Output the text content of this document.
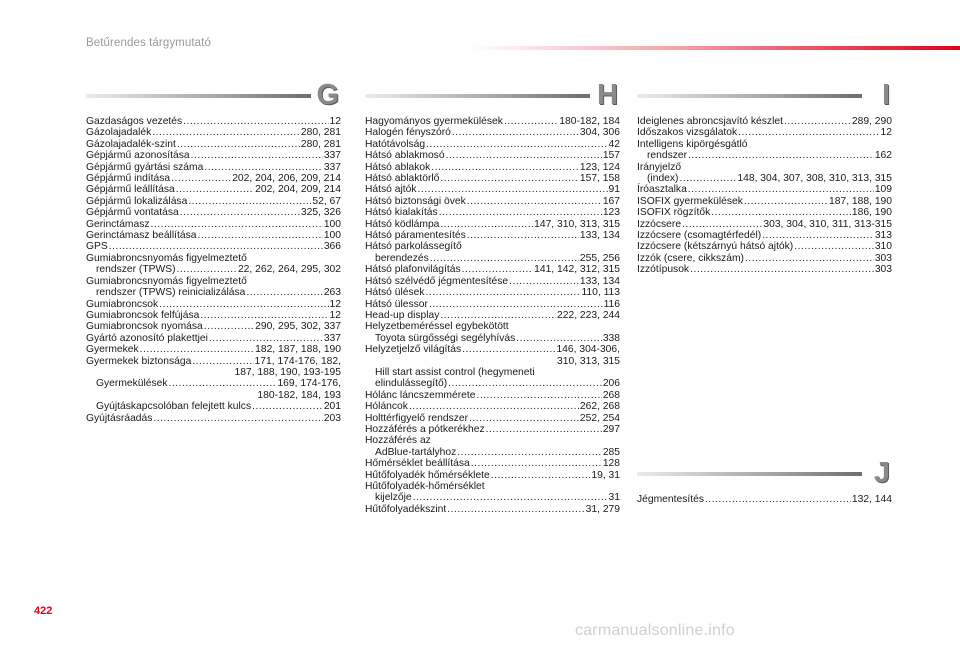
Betűrendes tárgymutató
G
Gazdaságos vezetés .....	12
Gázolajadalék .....	280, 281
Gázolajadalék-szint .....	280, 281
Gépjármű azonosítása .....	337
Gépjármű gyártási száma .....	337
Gépjármű indítása .....	202, 204, 206, 209, 214
Gépjármű leállítása .....	202, 204, 209, 214
Gépjármű lokalizálása .....	52, 67
Gépjármű vontatása .....	325, 326
Gerinctámasz .....	100
Gerinctámasz beállítása .....	100
GPS .....	366
Gumiabroncsnyomás figyelmeztető
rendszer (TPWS) .....	22, 262, 264, 295, 302
Gumiabroncsnyomás figyelmeztető
rendszer (TPWS) reinicializálása .....	263
Gumiabroncsok .....	12
Gumiabroncsok felfújása .....	12
Gumiabroncsok nyomása .....	290, 295, 302, 337
Gyártó azonosító plakettjei .....	337
Gyermekek .....	182, 187, 188, 190
Gyermekek biztonsága .....	171, 174-176, 182,
187, 188, 190, 193-195
Gyermekülések .....	169, 174-176,
180-182, 184, 193
Gyújtáskapcsolóban felejtett kulcs .....	201
Gyújtásráadás .....	203
H
Hagyományos gyermekülések .....	180-182, 184
Halogén fényszóró .....	304, 306
Hatótávolság .....	42
Hátsó ablakmosó .....	157
Hátsó ablakok .....	123, 124
Hátsó ablaktörlő .....	157, 158
Hátsó ajtók .....	91
Hátsó biztonsági övek .....	167
Hátsó kialakítás .....	123
Hátsó ködlámpa .....	147, 310, 313, 315
Hátsó páramentesítés .....	133, 134
Hátsó parkolássegítő
berendezés .....	255, 256
Hátsó plafonvilágítás .....	141, 142, 312, 315
Hátsó szélvédő jégmentesítése .....	133, 134
Hátsó ülések .....	110, 113
Hátsó ülessor .....	116
Head-up display .....	222, 223, 244
Helyzetbeméréssel egybekötött
Toyota sürgősségi segélyhívás .....	338
Helyzetjelző világítás .....	146, 304-306,
310, 313, 315
Hill start assist control (hegymeneti
elindulássegítő) .....	206
Hólánc láncszemmérete .....	268
Hóláncok .....	262, 268
Holttérfigyelő rendszer .....	252, 254
Hozzáférés a pótkerékhez .....	297
Hozzáférés az
AdBlue-tartályhoz .....	285
Hőmérséklet beállítása .....	128
Hűtőfolyadék hőmérséklete .....	19, 31
Hűtőfolyadék-hőmérséklet
kijelzője .....	31
Hűtőfolyadékszint .....	31, 279
I
Ideiglenes abroncsjavító készlet .....	289, 290
Időszakos vizsgálatok .....	12
Intelligens kipörgésgátló
rendszer .....	162
Irányjelző
(index) .....	148, 304, 307, 308, 310, 313, 315
Íróasztalka .....	109
ISOFIX gyermekülések .....	187, 188, 190
ISOFIX rögzítők .....	186, 190
Izzócsere .....	303, 304, 310, 311, 313-315
Izzócsere (csomagtérfedél) .....	313
Izzócsere (kétszárnyú hátsó ajtók) .....	310
Izzók (csere, cikkszám) .....	303
Izzótípusok .....	303
J
Jégmentesítés .....	132, 144
422
carmanualsonline.info
